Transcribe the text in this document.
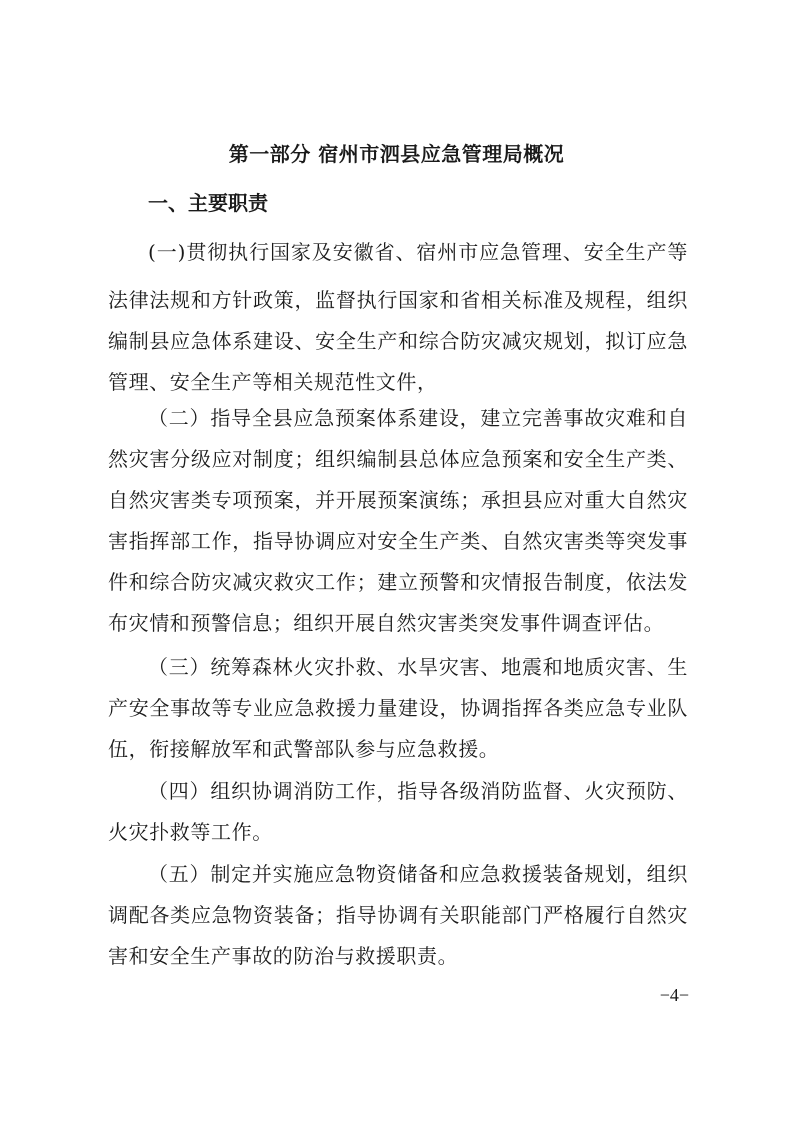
第一部分 宿州市泗县应急管理局概况
一、主要职责
(一)贯彻执行国家及安徽省、宿州市应急管理、安全生产等
法律法规和方针政策，监督执行国家和省相关标准及规程，组织
编制县应急体系建设、安全生产和综合防灾减灾规划，拟订应急
管理、安全生产等相关规范性文件，
（二）指导全县应急预案体系建设，建立完善事故灾难和自
然灾害分级应对制度；组织编制县总体应急预案和安全生产类、
自然灾害类专项预案，并开展预案演练；承担县应对重大自然灾
害指挥部工作，指导协调应对安全生产类、自然灾害类等突发事
件和综合防灾减灾救灾工作；建立预警和灾情报告制度，依法发
布灾情和预警信息；组织开展自然灾害类突发事件调查评估。
（三）统筹森林火灾扑救、水旱灾害、地震和地质灾害、生
产安全事故等专业应急救援力量建设，协调指挥各类应急专业队
伍，衔接解放军和武警部队参与应急救援。
（四）组织协调消防工作，指导各级消防监督、火灾预防、
火灾扑救等工作。
（五）制定并实施应急物资储备和应急救援装备规划，组织
调配各类应急物资装备；指导协调有关职能部门严格履行自然灾
害和安全生产事故的防治与救援职责。
−4−
